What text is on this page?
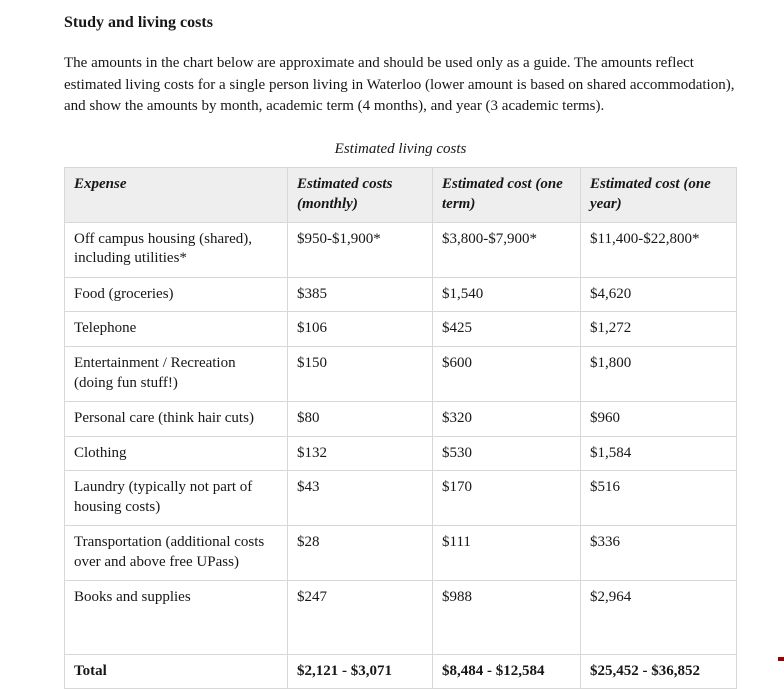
Study and living costs

The amounts in the chart below are approximate and should be used only as a guide. The amounts reflect estimated living costs for a single person living in Waterloo (lower amount is based on shared accommodation), and show the amounts by month, academic term (4 months), and year (3 academic terms).

Estimated living costs
Expense	Estimated costs (monthly)	Estimated cost (one term)	Estimated cost (one year)
Off campus housing (shared), including utilities*	$950-$1,900*	$3,800-$7,900*	$11,400-$22,800*
Food (groceries)	$385	$1,540	$4,620
Telephone	$106	$425	$1,272
Entertainment / Recreation (doing fun stuff!)	$150	$600	$1,800
Personal care (think hair cuts)	$80	$320	$960
Clothing	$132	$530	$1,584
Laundry (typically not part of housing costs)	$43	$170	$516
Transportation (additional costs over and above free UPass)	$28	$111	$336
Books and supplies	$247	$988	$2,964
Total	$2,121 - $3,071	$8,484 - $12,584	$25,452 - $36,852
